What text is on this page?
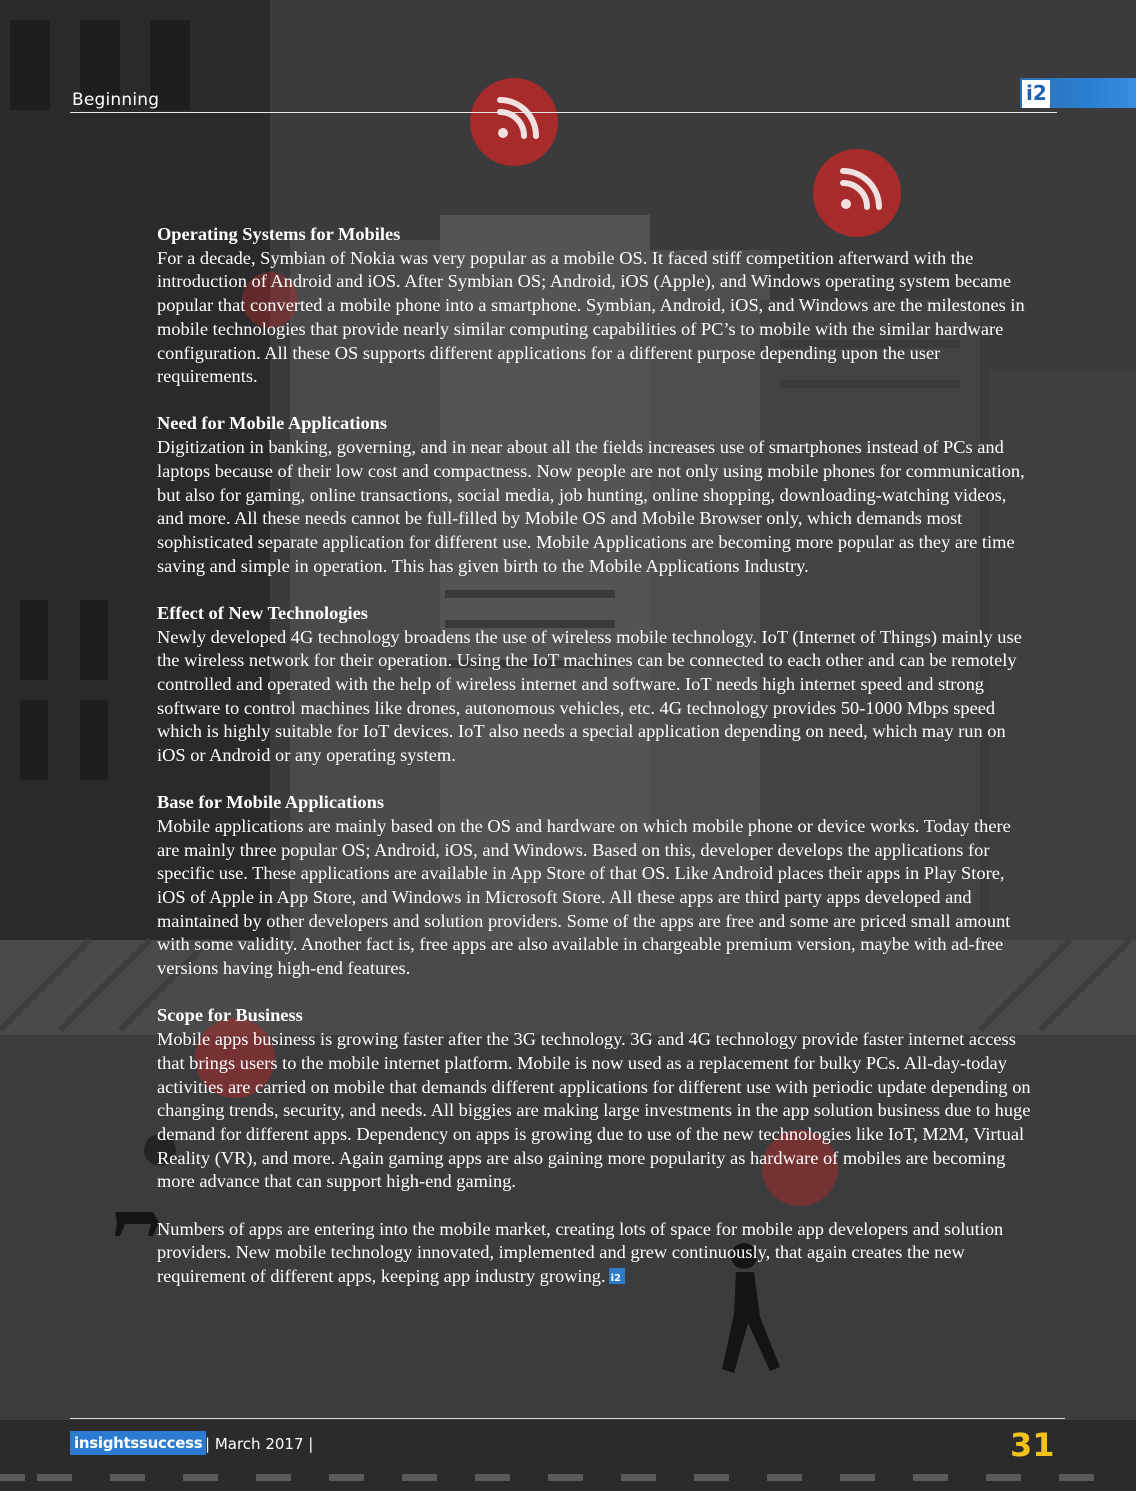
Beginning	i2
Operating Systems for Mobiles

For a decade, Symbian of Nokia was very popular as a mobile OS. It faced stiff competition afterward with the introduction of Android and iOS. After Symbian OS; Android, iOS (Apple), and Windows operating system became popular that converted a mobile phone into a smartphone. Symbian, Android, iOS, and Windows are the milestones in mobile technologies that provide nearly similar computing capabilities of PC’s to mobile with the similar hardware configuration. All these OS supports different applications for a different purpose depending upon the user requirements.

Need for Mobile Applications

Digitization in banking, governing, and in near about all the fields increases use of smartphones instead of PCs and laptops because of their low cost and compactness. Now people are not only using mobile phones for communication, but also for gaming, online transactions, social media, job hunting, online shopping, downloading-watching videos, and more. All these needs cannot be full-filled by Mobile OS and Mobile Browser only, which demands most sophisticated separate application for different use. Mobile Applications are becoming more popular as they are time saving and simple in operation. This has given birth to the Mobile Applications Industry.

Effect of New Technologies

Newly developed 4G technology broadens the use of wireless mobile technology. IoT (Internet of Things) mainly use the wireless network for their operation. Using the IoT machines can be connected to each other and can be remotely controlled and operated with the help of wireless internet and software. IoT needs high internet speed and strong software to control machines like drones, autonomous vehicles, etc. 4G technology provides 50-1000 Mbps speed which is highly suitable for IoT devices. IoT also needs a special application depending on need, which may run on iOS or Android or any operating system.

Base for Mobile Applications

Mobile applications are mainly based on the OS and hardware on which mobile phone or device works. Today there are mainly three popular OS; Android, iOS, and Windows. Based on this, developer develops the applications for specific use. These applications are available in App Store of that OS. Like Android places their apps in Play Store, iOS of Apple in App Store, and Windows in Microsoft Store. All these apps are third party apps developed and maintained by other developers and solution providers. Some of the apps are free and some are priced small amount with some validity. Another fact is, free apps are also available in chargeable premium version, maybe with ad-free versions having high-end features.

Scope for Business

Mobile apps business is growing faster after the 3G technology. 3G and 4G technology provide faster internet access that brings users to the mobile internet platform. Mobile is now used as a replacement for bulky PCs. All-day-today activities are carried on mobile that demands different applications for different use with periodic update depending on changing trends, security, and needs. All biggies are making large investments in the app solution business due to huge demand for different apps. Dependency on apps is growing due to use of the new technologies like IoT, M2M, Virtual Reality (VR), and more. Again gaming apps are also gaining more popularity as hardware of mobiles are becoming more advance that can support high-end gaming.

Numbers of apps are entering into the mobile market, creating lots of space for mobile app developers and solution providers. New mobile technology innovated, implemented and grew continuously, that again creates the new requirement of different apps, keeping app industry growing.i2

insightssuccess | March 2017 |	31
